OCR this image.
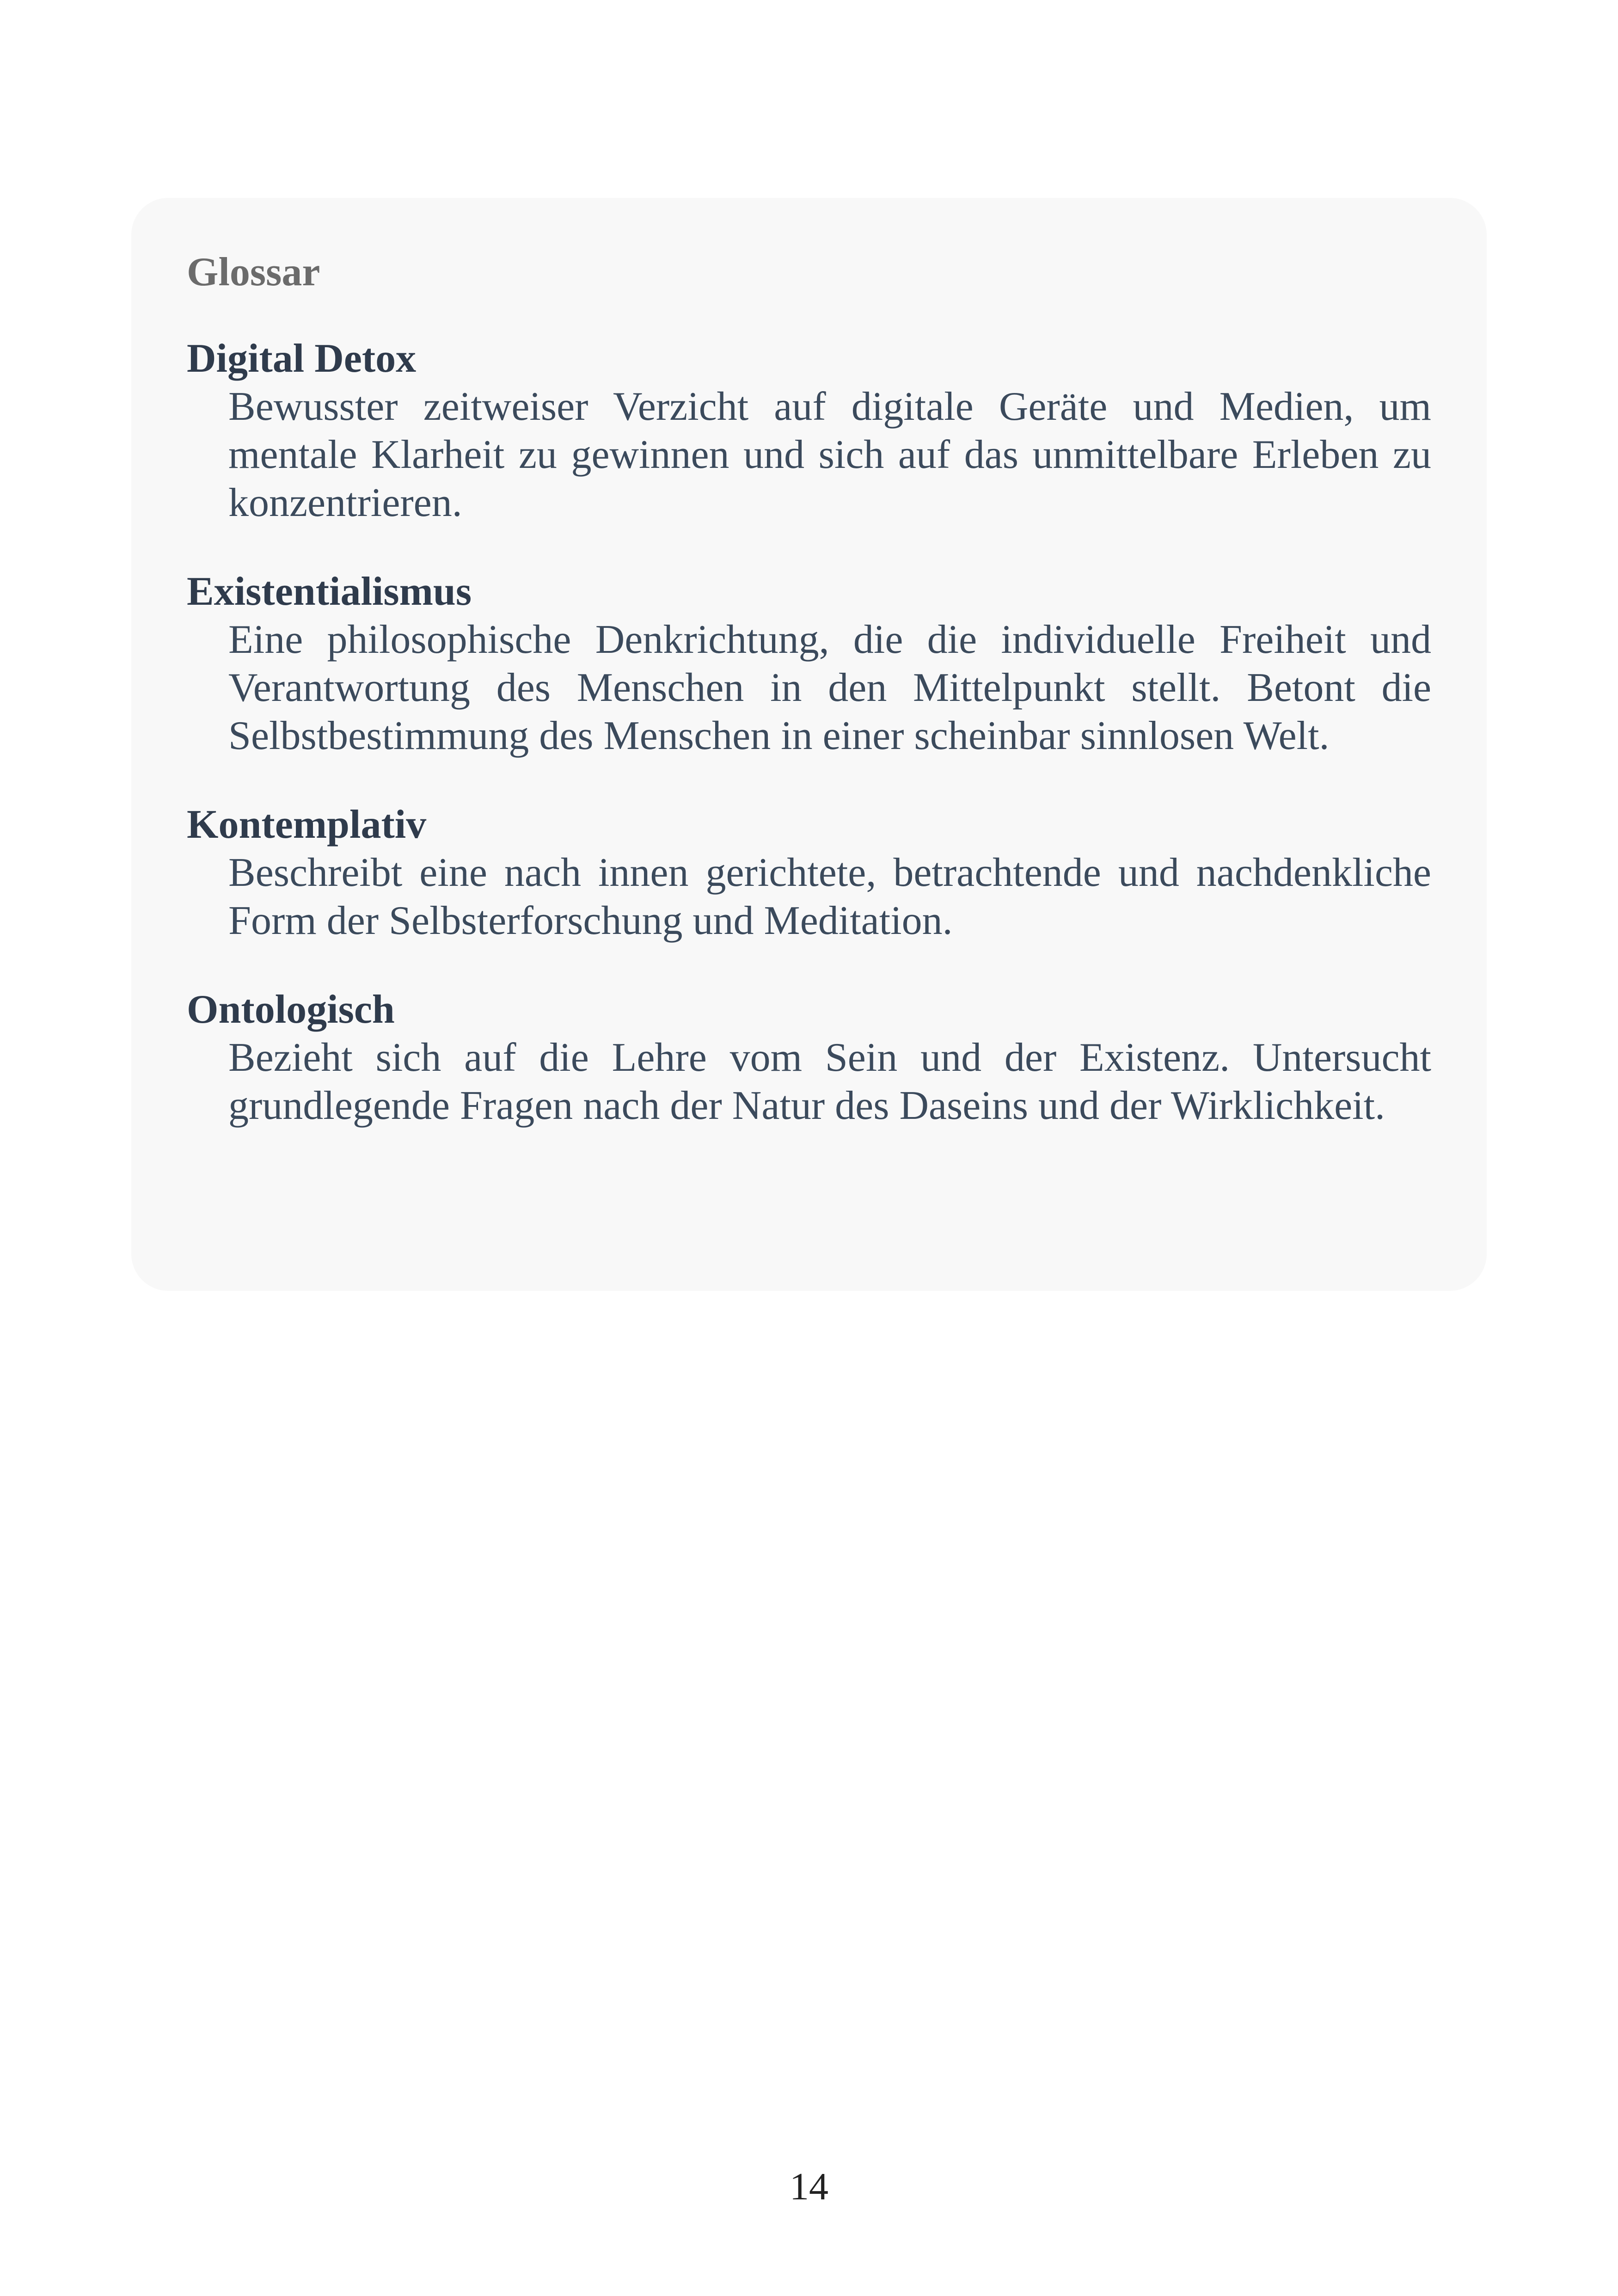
Glossar

Digital Detox

Bewusster zeitweiser Verzicht auf digitale Geräte und Medien, um mentale Klarheit zu gewinnen und sich auf das unmittelbare Erleben zu konzentrieren.

Existentialismus

Eine philosophische Denkrichtung, die die individuelle Freiheit und Verantwortung des Menschen in den Mittelpunkt stellt. Betont die Selbstbestimmung des Menschen in einer scheinbar sinnlosen Welt.

Kontemplativ

Beschreibt eine nach innen gerichtete, betrachtende und nachdenkliche Form der Selbsterforschung und Meditation.

Ontologisch

Bezieht sich auf die Lehre vom Sein und der Existenz. Untersucht grundlegende Fragen nach der Natur des Daseins und der Wirklichkeit.

14
